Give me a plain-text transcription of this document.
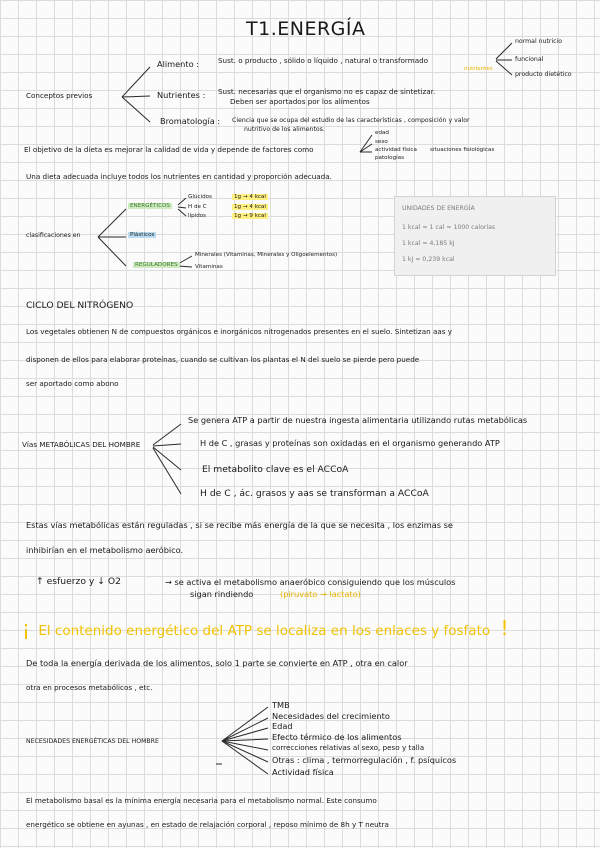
T1.ENERGÍA
Conceptos previos
Alimento :	Sust. o producto , sólido o líquido , natural o transformado
nutrientes
normal nutricio
funcional
producto dietético
Nutrientes : Sust. necesarias que el organismo no es capaz de sintetizar.
Deben ser aportados por los alimentos
Bromatología : Ciencia que se ocupa del estudio de las características , composición y valor
nutritivo de los alimentos.
El objetivo de la dieta es mejorar la calidad de vida y depende de factores como
edad
sexo
actividad física situaciones fisiológicas
patologías
Una dieta adecuada incluye todos los nutrientes en cantidad y proporción adecuada.
clasificaciones en
ENERGÉTICOS
Plásticos
REGULADORES
Glúcidos	1g → 4 kcal
H de C	1g → 4 kcal
lípidos	1g → 9 kcal
Minerales (Vitaminas, Minerales y Oligoelementos)
Vitaminas
UNIDADES DE ENERGÍA
1 kcal = 1 cal = 1000 calorías
1 kcal = 4,185 kJ
1 kJ = 0,239 kcal
CICLO DEL NITRÓGENO
Los vegetales obtienen N de compuestos orgánicos e inorgánicos nitrogenados presentes en el suelo. Sintetizan aas y
disponen de ellos para elaborar proteínas, cuando se cultivan los plantas el N del suelo se pierde pero puede
ser aportado como abono
Vías METABÓLICAS DEL HOMBRE
Se genera ATP a partir de nuestra ingesta alimentaria utilizando rutas metabólicas
H de C , grasas y proteínas son oxidadas en el organismo generando ATP
El metabolito clave es el ACCoA
H de C , ác. grasos y aas se transforman a ACCoA
Estas vías metabólicas están reguladas , si se recibe más energía de la que se necesita , los enzimas se
inhibirían en el metabolismo aeróbico.
↑ esfuerzo y ↓ O2	→ se activa el metabolismo anaeróbico consiguiendo que los músculos
sigan rindiendo	(piruvato → lactato)
¡ El contenido energético del ATP se localiza en los enlaces y fosfato !
De toda la energía derivada de los alimentos, solo 1 parte se convierte en ATP , otra en calor
otra en procesos metabólicos , etc.
NECESIDADES ENERGÉTICAS DEL HOMBRE
TMB
Necesidades del crecimiento
Edad
Efecto térmico de los alimentos
correcciones relativas al sexo, peso y talla
Otras : clima , termorregulación , f. psíquicos
Actividad física
El metabolismo basal es la mínima energía necesaria para el metabolismo normal. Este consumo
energético se obtiene en ayunas , en estado de relajación corporal , reposo mínimo de 8h y T neutra
